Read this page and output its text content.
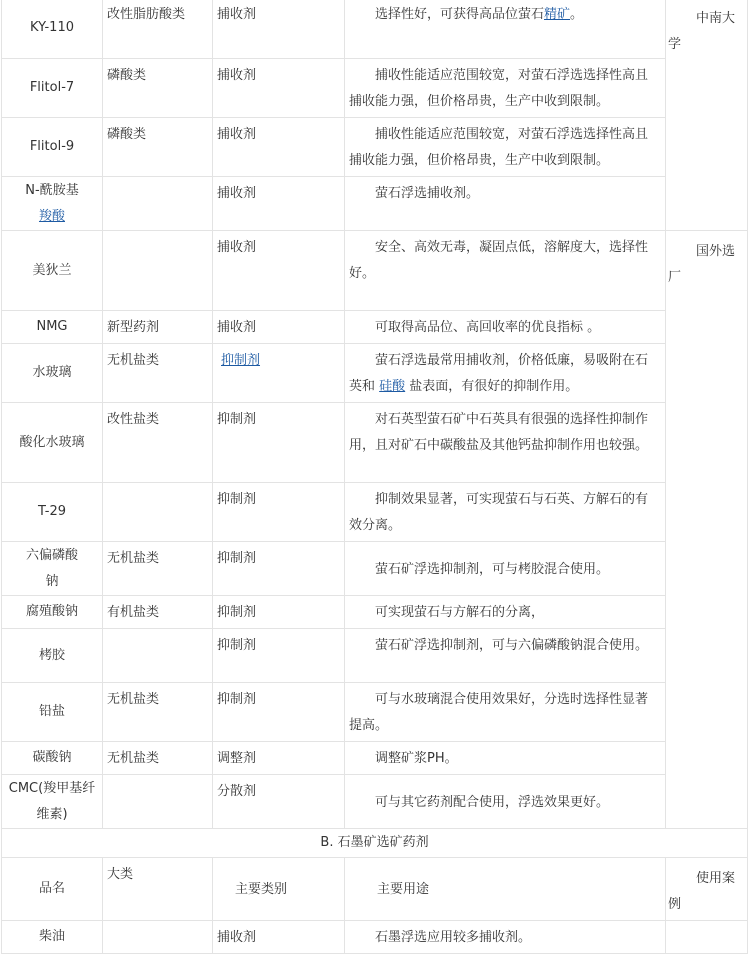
KY-110	改性脂肪酸类	捕收剂	选择性好，可获得高品位萤石精矿。	中南大学
Flitol-7	磷酸类	捕收剂	捕收性能适应范围较宽，对萤石浮选选择性高且捕收能力强，但价格昂贵，生产中收到限制。	
Flitol-9	磷酸类	捕收剂	捕收性能适应范围较宽，对萤石浮选选择性高且捕收能力强，但价格昂贵，生产中收到限制。	
N-酰胺基
羧酸		捕收剂	萤石浮选捕收剂。	
美狄兰		捕收剂	安全、高效无毒，凝固点低，溶解度大，选择性好。	国外选厂
NMG	新型药剂	捕收剂	可取得高品位、高回收率的优良指标 。	
水玻璃	无机盐类	抑制剂	萤石浮选最常用捕收剂，价格低廉，易吸附在石英和 硅酸 盐表面，有很好的抑制作用。	
酸化水玻璃	改性盐类	抑制剂	对石英型萤石矿中石英具有很强的选择性抑制作用，且对矿石中碳酸盐及其他钙盐抑制作用也较强。	
T-29		抑制剂	抑制效果显著，可实现萤石与石英、方解石的有效分离。	
六偏磷酸钠	无机盐类	抑制剂	萤石矿浮选抑制剂，可与栲胶混合使用。	
腐殖酸钠	有机盐类	抑制剂	可实现萤石与方解石的分离，	
栲胶		抑制剂	萤石矿浮选抑制剂，可与六偏磷酸钠混合使用。	
铅盐	无机盐类	抑制剂	可与水玻璃混合使用效果好，分选时选择性显著提高。	
碳酸钠	无机盐类	调整剂	调整矿浆PH。	
CMC(羧甲基纤维素)		分散剂	可与其它药剂配合使用，浮选效果更好。	
B. 石墨矿选矿药剂				
品名	大类	主要类别	主要用途	使用案例
柴油		捕收剂	石墨浮选应用较多捕收剂。	
